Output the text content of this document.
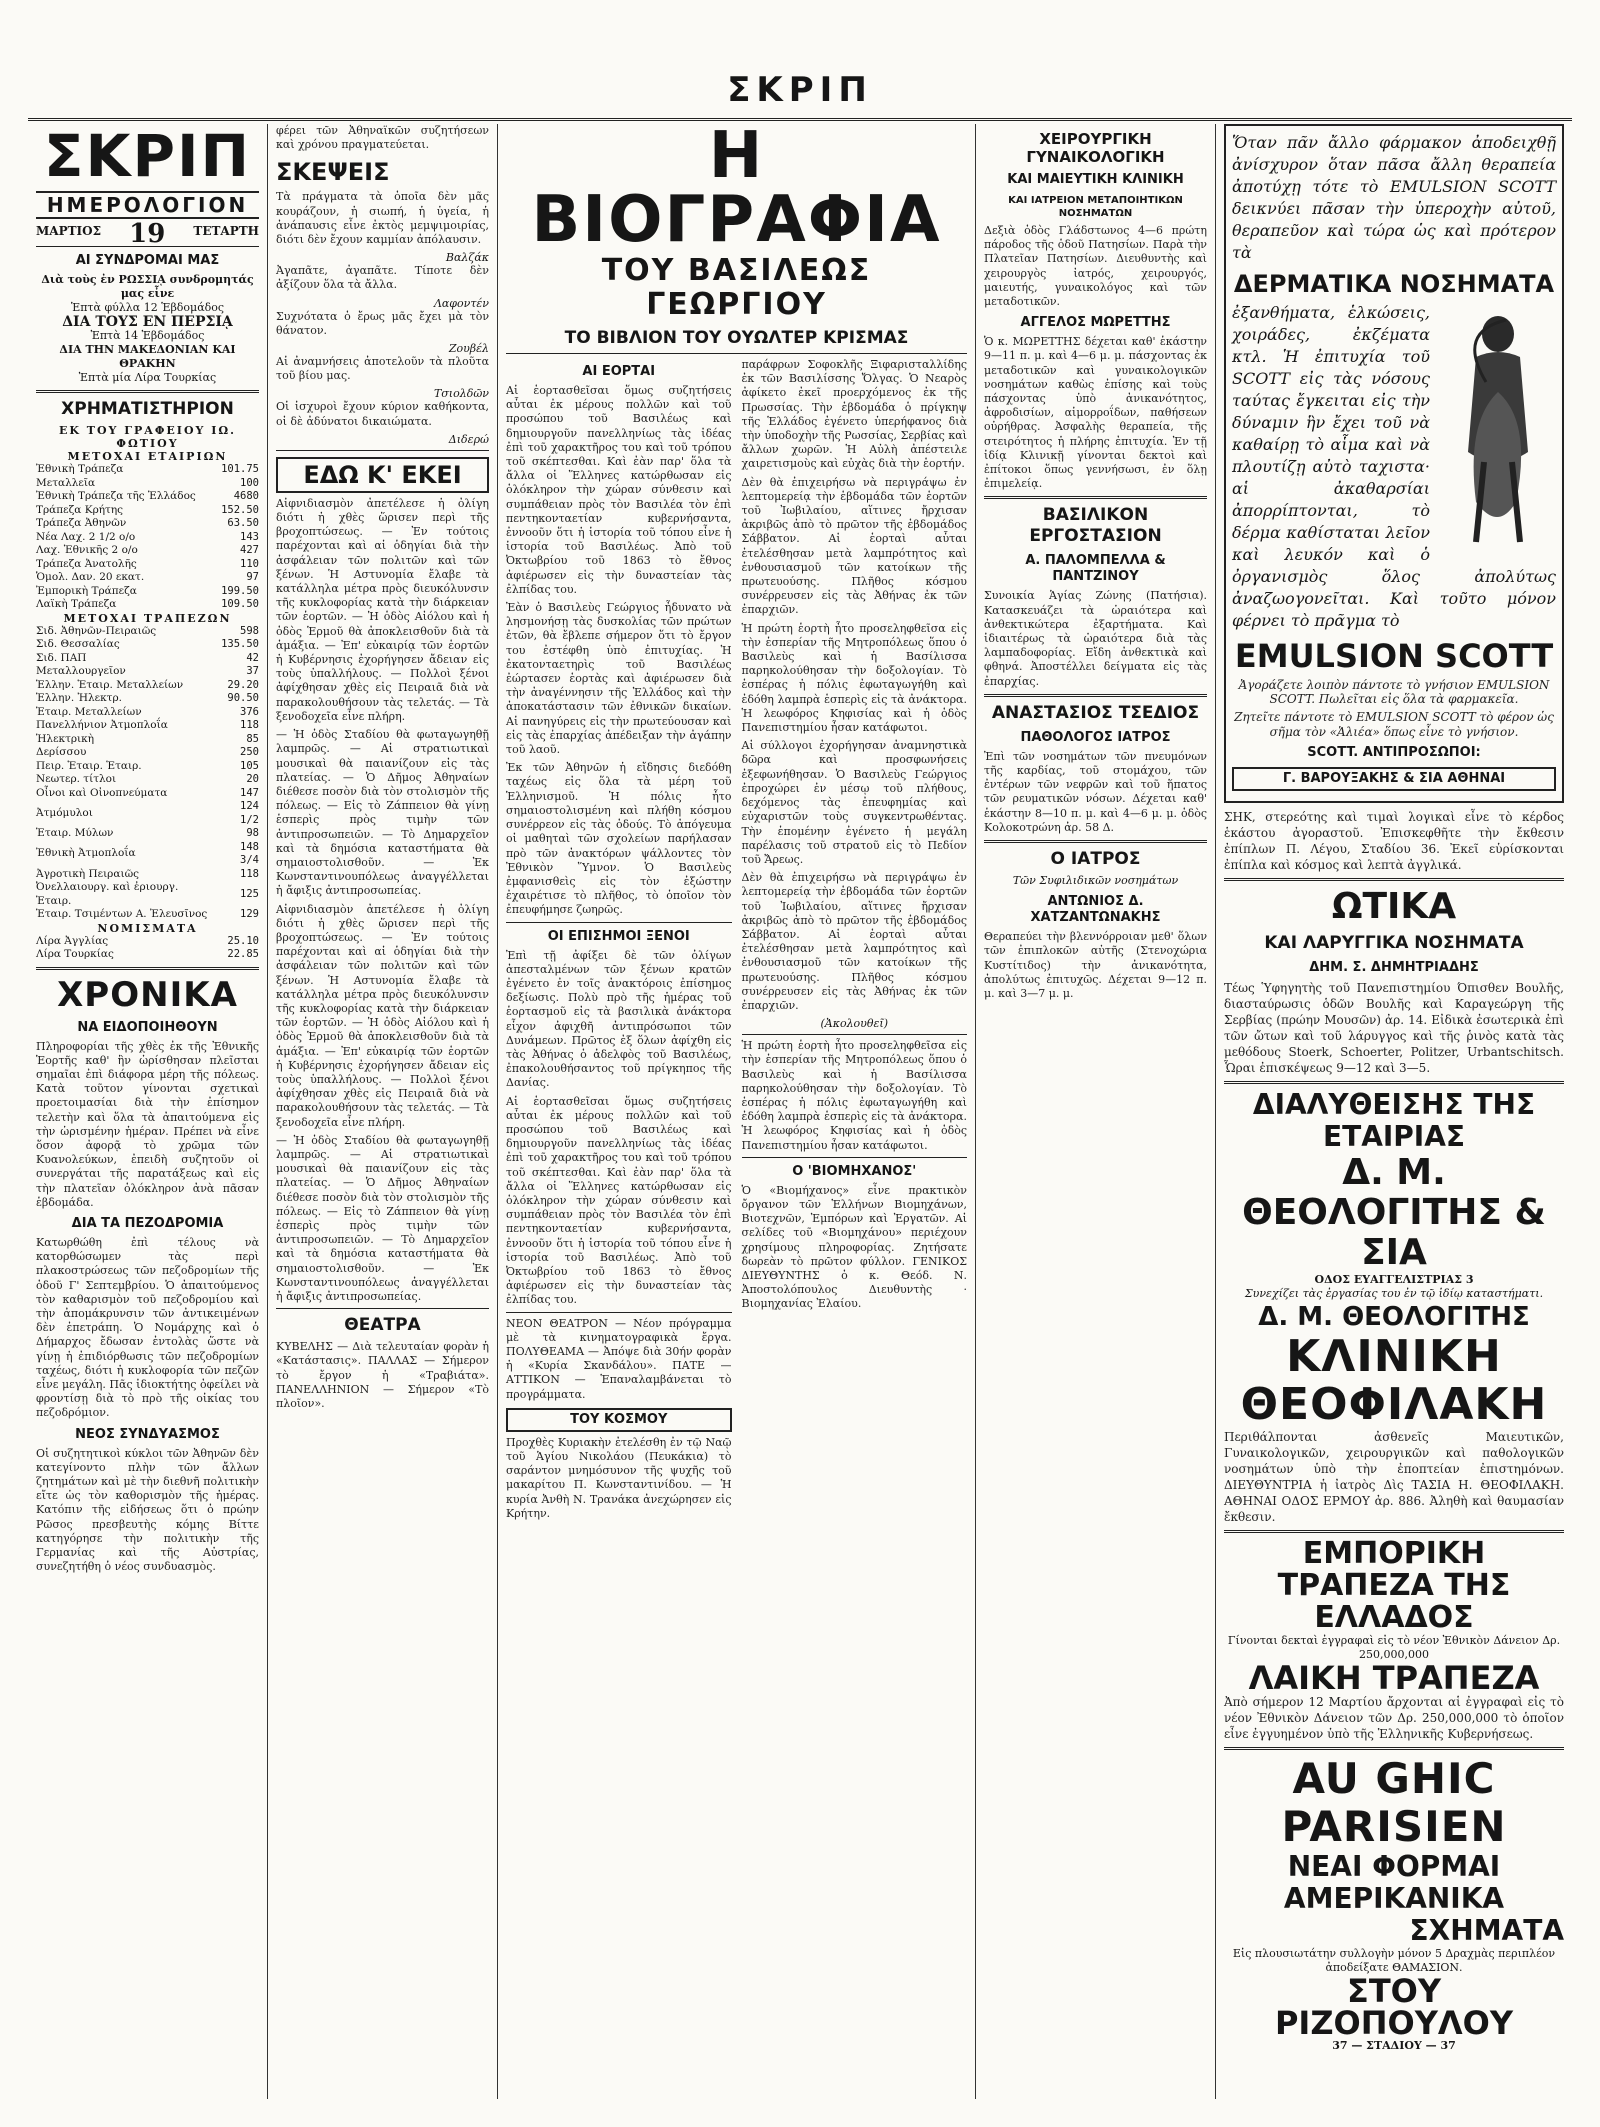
ΣΚΡΙΠ
ΣΚΡΙΠ
ΗΜΕΡΟΛΟΓΙΟΝ
ΜΑΡΤΙΟΣ 19 ΤΕΤΑΡΤΗ
ΑΙ ΣΥΝΔΡΟΜΑΙ ΜΑΣ
Διὰ τοὺς ἐν ΡΩΣΣΙᾼ συνδρομητάς μας εἶνε
Ἑπτὰ φύλλα 12 Ἑβδομάδος
ΔΙΑ ΤΟΥΣ ΕΝ ΠΕΡΣΙᾼ
Ἑπτὰ 14 Ἑβδομάδος
ΔΙΑ ΤΗΝ ΜΑΚΕΔΟΝΙΑΝ ΚΑΙ ΘΡΑΚΗΝ
Ἑπτὰ μία Λίρα Τουρκίας
ΧΡΗΜΑΤΙΣΤΗΡΙΟΝ
ΕΚ ΤΟΥ ΓΡΑΦΕΙΟΥ ΙΩ. ΦΩΤΙΟΥ
ΜΕΤΟΧΑΙ ΕΤΑΙΡΙΩΝ
Ἐθνικὴ Τράπεζα	101.75
Μεταλλεῖα	100
Ἐθνικὴ Τράπεζα τῆς Ἑλλάδος	4680
Τράπεζα Κρήτης	152.50
Τράπεζα Ἀθηνῶν	63.50
Νέα Λαχ. 2 1/2 ο/ο	143
Λαχ. Ἐθνικῆς 2 ο/ο	427
Τράπεζα Ἀνατολῆς	110
Ὁμολ. Δαν. 20 εκατ.	97
Ἐμπορικὴ Τράπεζα	199.50
Λαϊκὴ Τράπεζα	109.50
ΜΕΤΟΧΑΙ ΤΡΑΠΕΖΩΝ
Σιδ. Ἀθηνῶν-Πειραιῶς	598
Σιδ. Θεσσαλίας	135.50
Σιδ. ΠΑΠ	42
Μεταλλουργεῖον	37
Ἑλλην. Ἑταιρ. Μεταλλείων	29.20
Ἑλλην. Ἠλεκτρ.	90.50
Ἑταιρ. Μεταλλείων	376
Πανελλήνιον Ἀτμοπλοΐα	118
Ἡλεκτρικὴ	85
Δερίσσου	250
Πειρ. Ἑταιρ. Ἑταιρ.	105
Νεωτερ. τίτλοι	20
Οἶνοι καὶ Οἰνοπνεύματα	147
Ἀτμόμυλοι	124 1/2
Ἑταιρ. Μύλων	98
Ἐθνικὴ Ἀτμοπλοΐα	148 3/4
Ἀγροτικὴ Πειραιῶς	118
Ὀνελλαιουργ. καὶ ἐριουργ. Ἑταιρ.	125
Ἑταιρ. Τσιμέντων Α. Ἐλευσῖνος	129
ΝΟΜΙΣΜΑΤΑ
Λίρα Ἀγγλίας	25.10
Λίρα Τουρκίας	22.85
ΧΡΟΝΙΚΑ
ΝΑ ΕΙΔΟΠΟΙΗΘΟΥΝ
Πληροφορίαι τῆς χθὲς ἐκ τῆς Ἐθνικῆς Ἑορτῆς καθ' ἣν ὡρίσθησαν πλεῖσται σημαῖαι ἐπὶ διάφορα μέρη τῆς πόλεως. Κατὰ τοῦτον γίνονται σχετικαὶ προετοιμασίαι διὰ τὴν ἐπίσημον τελετὴν καὶ ὅλα τὰ ἀπαιτούμενα εἰς τὴν ὡρισμένην ἡμέραν. Πρέπει νὰ εἶνε ὅσον ἀφορᾷ τὸ χρῶμα τῶν Κυανολεύκων, ἐπειδὴ συζητοῦν οἱ συνεργάται τῆς παρατάξεως καὶ εἰς τὴν πλατεῖαν ὁλόκληρον ἀνὰ πᾶσαν ἑβδομάδα.
ΔΙΑ ΤΑ ΠΕΖΟΔΡΟΜΙΑ
Κατωρθώθη ἐπὶ τέλους νὰ κατορθώσωμεν τὰς περὶ πλακοστρώσεως τῶν πεζοδρομίων τῆς ὁδοῦ Γ' Σεπτεμβρίου. Ὁ ἀπαιτούμενος τὸν καθαρισμὸν τοῦ πεζοδρομίου καὶ τὴν ἀπομάκρυνσιν τῶν ἀντικειμένων δὲν ἐπετράπη. Ὁ Νομάρχης καὶ ὁ Δήμαρχος ἔδωσαν ἐντολὰς ὥστε νὰ γίνῃ ἡ ἐπιδιόρθωσις τῶν πεζοδρομίων ταχέως, διότι ἡ κυκλοφορία τῶν πεζῶν εἶνε μεγάλη. Πᾶς ἰδιοκτήτης ὀφείλει νὰ φροντίσῃ διὰ τὸ πρὸ τῆς οἰκίας του πεζοδρόμιον.
ΝΕΟΣ ΣΥΝΔΥΑΣΜΟΣ
Οἱ συζητητικοὶ κύκλοι τῶν Ἀθηνῶν δὲν κατεγίνοντο πλὴν τῶν ἄλλων ζητημάτων καὶ μὲ τὴν διεθνῆ πολιτικὴν εἴτε ὡς τὸν καθορισμὸν τῆς ἡμέρας. Κατόπιν τῆς εἰδήσεως ὅτι ὁ πρώην Ρῶσος πρεσβευτὴς κόμης Βίττε κατηγόρησε τὴν πολιτικὴν τῆς Γερμανίας καὶ τῆς Αὐστρίας, συνεζητήθη ὁ νέος συνδυασμὸς.
φέρει τῶν Ἀθηναϊκῶν συζητήσεων καὶ χρόνου πραγματεύεται.
ΣΚΕΨΕΙΣ
Τὰ πράγματα τὰ ὁποῖα δὲν μᾶς κουράζουν, ἡ σιωπή, ἡ ὑγεία, ἡ ἀνάπαυσις εἶνε ἐκτὸς μεμψιμοιρίας, διότι δὲν ἔχουν καμμίαν ἀπόλαυσιν.
Βαλζάκ
Ἀγαπᾶτε, ἀγαπᾶτε. Τίποτε δὲν ἀξίζουν ὅλα τὰ ἄλλα.
Λαφοντέν
Συχνότατα ὁ ἔρως μᾶς ἔχει μὰ τὸν θάνατον.
Ζουβέλ
Αἱ ἀναμνήσεις ἀποτελοῦν τὰ πλοῦτα τοῦ βίου μας.
Τσιολδῶν
Οἱ ἰσχυροὶ ἔχουν κύριον καθήκοντα, οἱ δὲ ἀδύνατοι δικαιώματα.
Διδερώ
ΕΔΩ Κ' ΕΚΕΙ
Αἰφνιδιασμὸν ἀπετέλεσε ἡ ὀλίγη διότι ἡ χθὲς ὥρισεν περὶ τῆς βροχοπτώσεως. — Ἐν τούτοις παρέχονται καὶ αἱ ὁδηγίαι διὰ τὴν ἀσφάλειαν τῶν πολιτῶν καὶ τῶν ξένων. Ἡ Αστυνομία ἔλαβε τὰ κατάλληλα μέτρα πρὸς διευκόλυνσιν τῆς κυκλοφορίας κατὰ τὴν διάρκειαν τῶν ἑορτῶν. — Ἡ ὁδὸς Αἰόλου καὶ ἡ ὁδὸς Ἑρμοῦ θὰ ἀποκλεισθοῦν διὰ τὰ ἁμάξια. — Ἐπ' εὐκαιρίᾳ τῶν ἑορτῶν ἡ Κυβέρνησις ἐχορήγησεν ἄδειαν εἰς τοὺς ὑπαλλήλους. — Πολλοὶ ξένοι ἀφίχθησαν χθὲς εἰς Πειραιᾶ διὰ νὰ παρακολουθήσουν τὰς τελετάς. — Τὰ ξενοδοχεῖα εἶνε πλήρη.
— Ἡ ὁδὸς Σταδίου θὰ φωταγωγηθῇ λαμπρῶς. — Αἱ στρατιωτικαὶ μουσικαὶ θὰ παιανίζουν εἰς τὰς πλατείας. — Ὁ Δῆμος Ἀθηναίων διέθεσε ποσὸν διὰ τὸν στολισμὸν τῆς πόλεως. — Εἰς τὸ Ζάππειον θὰ γίνῃ ἑσπερὶς πρὸς τιμὴν τῶν ἀντιπροσωπειῶν. — Τὸ Δημαρχεῖον καὶ τὰ δημόσια καταστήματα θὰ σημαιοστολισθοῦν. — Ἐκ Κωνσταντινουπόλεως ἀναγγέλλεται ἡ ἄφιξις ἀντιπροσωπείας.
Αἰφνιδιασμὸν ἀπετέλεσε ἡ ὀλίγη διότι ἡ χθὲς ὥρισεν περὶ τῆς βροχοπτώσεως. — Ἐν τούτοις παρέχονται καὶ αἱ ὁδηγίαι διὰ τὴν ἀσφάλειαν τῶν πολιτῶν καὶ τῶν ξένων. Ἡ Αστυνομία ἔλαβε τὰ κατάλληλα μέτρα πρὸς διευκόλυνσιν τῆς κυκλοφορίας κατὰ τὴν διάρκειαν τῶν ἑορτῶν. — Ἡ ὁδὸς Αἰόλου καὶ ἡ ὁδὸς Ἑρμοῦ θὰ ἀποκλεισθοῦν διὰ τὰ ἁμάξια. — Ἐπ' εὐκαιρίᾳ τῶν ἑορτῶν ἡ Κυβέρνησις ἐχορήγησεν ἄδειαν εἰς τοὺς ὑπαλλήλους. — Πολλοὶ ξένοι ἀφίχθησαν χθὲς εἰς Πειραιᾶ διὰ νὰ παρακολουθήσουν τὰς τελετάς. — Τὰ ξενοδοχεῖα εἶνε πλήρη.
— Ἡ ὁδὸς Σταδίου θὰ φωταγωγηθῇ λαμπρῶς. — Αἱ στρατιωτικαὶ μουσικαὶ θὰ παιανίζουν εἰς τὰς πλατείας. — Ὁ Δῆμος Ἀθηναίων διέθεσε ποσὸν διὰ τὸν στολισμὸν τῆς πόλεως. — Εἰς τὸ Ζάππειον θὰ γίνῃ ἑσπερὶς πρὸς τιμὴν τῶν ἀντιπροσωπειῶν. — Τὸ Δημαρχεῖον καὶ τὰ δημόσια καταστήματα θὰ σημαιοστολισθοῦν. — Ἐκ Κωνσταντινουπόλεως ἀναγγέλλεται ἡ ἄφιξις ἀντιπροσωπείας.
ΘΕΑΤΡΑ
ΚΥΒΕΛΗΣ — Διὰ τελευταίαν φορὰν ἡ «Κατάστασις». ΠΑΛΛΑΣ — Σήμερον τὸ ἔργον ἡ «Τραβιάτα». ΠΑΝΕΛΛΗΝΙΟΝ — Σήμερον «Τὸ πλοῖον».
Η ΒΙΟΓΡΑΦΙΑ
ΤΟΥ ΒΑΣΙΛΕΩΣ ΓΕΩΡΓΙΟΥ
ΤΟ ΒΙΒΛΙΟΝ ΤΟΥ ΟΥΩΛΤΕΡ ΚΡΙΣΜΑΣ
ΑΙ ΕΟΡΤΑΙ
Αἱ ἑορτασθεῖσαι ὅμως συζητήσεις αὗται ἐκ μέρους πολλῶν καὶ τοῦ προσώπου τοῦ Βασιλέως καὶ δημιουργοῦν πανελληνίως τὰς ἰδέας ἐπὶ τοῦ χαρακτῆρος του καὶ τοῦ τρόπου τοῦ σκέπτεσθαι. Καὶ ἐὰν παρ' ὅλα τὰ ἄλλα οἱ Ἕλληνες κατώρθωσαν εἰς ὁλόκληρον τὴν χώραν σύνθεσιν καὶ συμπάθειαν πρὸς τὸν Βασιλέα τὸν ἐπὶ πεντηκονταετίαν κυβερνήσαντα, ἐννοοῦν ὅτι ἡ ἱστορία τοῦ τόπου εἶνε ἡ ἱστορία τοῦ Βασιλέως. Ἀπὸ τοῦ Ὀκτωβρίου τοῦ 1863 τὸ ἔθνος ἀφιέρωσεν εἰς τὴν δυναστείαν τὰς ἐλπίδας του.
Ἐὰν ὁ Βασιλεὺς Γεώργιος ἦδυνατο νὰ λησμονήσῃ τὰς δυσκολίας τῶν πρώτων ἐτῶν, θὰ ἔβλεπε σήμερον ὅτι τὸ ἔργον του ἐστέφθη ὑπὸ ἐπιτυχίας. Ἡ ἐκατονταετηρὶς τοῦ Βασιλέως ἐώρτασεν ἑορτὰς καὶ ἀφιέρωσεν διὰ τὴν ἀναγέννησιν τῆς Ἑλλάδος καὶ τὴν ἀποκατάστασιν τῶν ἐθνικῶν δικαίων. Αἱ πανηγύρεις εἰς τὴν πρωτεύουσαν καὶ εἰς τὰς ἐπαρχίας ἀπέδειξαν τὴν ἀγάπην τοῦ λαοῦ.
Ἐκ τῶν Ἀθηνῶν ἡ εἴδησις διεδόθη ταχέως εἰς ὅλα τὰ μέρη τοῦ Ἑλληνισμοῦ. Ἡ πόλις ἦτο σημαιοστολισμένη καὶ πλήθη κόσμου συνέρρεον εἰς τὰς ὁδούς. Τὸ ἀπόγευμα οἱ μαθηταὶ τῶν σχολείων παρήλασαν πρὸ τῶν ἀνακτόρων ψάλλοντες τὸν Ἐθνικὸν Ὕμνον. Ὁ Βασιλεὺς ἐμφανισθεὶς εἰς τὸν ἐξώστην ἐχαιρέτισε τὸ πλῆθος, τὸ ὁποῖον τὸν ἐπευφήμησε ζωηρῶς.
ΟΙ ΕΠΙΣΗΜΟΙ ΞΕΝΟΙ
Ἐπὶ τῇ ἀφίξει δὲ τῶν ὀλίγων ἀπεσταλμένων τῶν ξένων κρατῶν ἐγένετο ἐν τοῖς ἀνακτόροις ἐπίσημος δεξίωσις. Πολὺ πρὸ τῆς ἡμέρας τοῦ ἑορτασμοῦ εἰς τὰ βασιλικὰ ἀνάκτορα εἶχον ἀφιχθῆ ἀντιπρόσωποι τῶν Δυνάμεων. Πρῶτος ἐξ ὅλων ἀφίχθη εἰς τὰς Ἀθήνας ὁ ἀδελφὸς τοῦ Βασιλέως, ἐπακολουθήσαντος τοῦ πρίγκηπος τῆς Δανίας.
Αἱ ἑορτασθεῖσαι ὅμως συζητήσεις αὗται ἐκ μέρους πολλῶν καὶ τοῦ προσώπου τοῦ Βασιλέως καὶ δημιουργοῦν πανελληνίως τὰς ἰδέας ἐπὶ τοῦ χαρακτῆρος του καὶ τοῦ τρόπου τοῦ σκέπτεσθαι. Καὶ ἐὰν παρ' ὅλα τὰ ἄλλα οἱ Ἕλληνες κατώρθωσαν εἰς ὁλόκληρον τὴν χώραν σύνθεσιν καὶ συμπάθειαν πρὸς τὸν Βασιλέα τὸν ἐπὶ πεντηκονταετίαν κυβερνήσαντα, ἐννοοῦν ὅτι ἡ ἱστορία τοῦ τόπου εἶνε ἡ ἱστορία τοῦ Βασιλέως. Ἀπὸ τοῦ Ὀκτωβρίου τοῦ 1863 τὸ ἔθνος ἀφιέρωσεν εἰς τὴν δυναστείαν τὰς ἐλπίδας του.
ΝΕΟΝ ΘΕΑΤΡΟΝ — Νέον πρόγραμμα μὲ τὰ κινηματογραφικὰ ἔργα. ΠΟΛΥΘΕΑΜΑ — Ἀπόψε διὰ 30ήν φορὰν ἡ «Κυρία Σκανδάλου». ΠΑΤΕ — ΑΤΤΙΚΟΝ — Ἑπαναλαμβάνεται τὸ προγράμματα.
ΤΟΥ ΚΟΣΜΟΥ
Προχθὲς Κυριακὴν ἐτελέσθη ἐν τῷ Ναῷ τοῦ Ἁγίου Νικολάου (Πευκάκια) τὸ σαράντον μνημόσυνον τῆς ψυχῆς τοῦ μακαρίτου Π. Κωνσταντινίδου. — Ἡ κυρία Ἀνθὴ Ν. Τρανάκα ἀνεχώρησεν εἰς Κρήτην.
παράφρων Σοφοκλῆς Ξιφαρισταλλίδης ἐκ τῶν Βασιλίσσης Ὄλγας. Ὁ Νεαρὸς ἀφίκετο ἐκεῖ προερχόμενος ἐκ τῆς Πρωσσίας. Τὴν ἑβδομάδα ὁ πρίγκηψ τῆς Ἑλλάδος ἐγένετο ὑπερήφανος διὰ τὴν ὑποδοχὴν τῆς Ρωσσίας, Σερβίας καὶ ἄλλων χωρῶν. Ἡ Αὐλὴ ἀπέστειλε χαιρετισμοὺς καὶ εὐχὰς διὰ τὴν ἑορτήν.
Δὲν θὰ ἐπιχειρήσω νὰ περιγράψω ἐν λεπτομερείᾳ τὴν ἑβδομάδα τῶν ἑορτῶν τοῦ Ἰωβιλαίου, αἵτινες ἤρχισαν ἀκριβῶς ἀπὸ τὸ πρῶτον τῆς ἑβδομάδος Σάββατον. Αἱ ἑορταὶ αὗται ἐτελέσθησαν μετὰ λαμπρότητος καὶ ἐνθουσιασμοῦ τῶν κατοίκων τῆς πρωτευούσης. Πλῆθος κόσμου συνέρρευσεν εἰς τὰς Ἀθήνας ἐκ τῶν ἐπαρχιῶν.
Ἡ πρώτη ἑορτὴ ἦτο προσεληφθεῖσα εἰς τὴν ἑσπερίαν τῆς Μητροπόλεως ὅπου ὁ Βασιλεὺς καὶ ἡ Βασίλισσα παρηκολούθησαν τὴν δοξολογίαν. Τὸ ἑσπέρας ἡ πόλις ἐφωταγωγήθη καὶ ἐδόθη λαμπρὰ ἑσπερὶς εἰς τὰ ἀνάκτορα. Ἡ λεωφόρος Κηφισίας καὶ ἡ ὁδὸς Πανεπιστημίου ἦσαν κατάφωτοι.
Αἱ σύλλογοι ἐχορήγησαν ἀναμνηστικὰ δῶρα καὶ προσφωνήσεις ἐξεφωνήθησαν. Ὁ Βασιλεὺς Γεώργιος ἐπροχώρει ἐν μέσῳ τοῦ πλήθους, δεχόμενος τὰς ἐπευφημίας καὶ εὐχαριστῶν τοὺς συγκεντρωθέντας. Τὴν ἑπομένην ἐγένετο ἡ μεγάλη παρέλασις τοῦ στρατοῦ εἰς τὸ Πεδίον τοῦ Ἄρεως.
Δὲν θὰ ἐπιχειρήσω νὰ περιγράψω ἐν λεπτομερείᾳ τὴν ἑβδομάδα τῶν ἑορτῶν τοῦ Ἰωβιλαίου, αἵτινες ἤρχισαν ἀκριβῶς ἀπὸ τὸ πρῶτον τῆς ἑβδομάδος Σάββατον. Αἱ ἑορταὶ αὗται ἐτελέσθησαν μετὰ λαμπρότητος καὶ ἐνθουσιασμοῦ τῶν κατοίκων τῆς πρωτευούσης. Πλῆθος κόσμου συνέρρευσεν εἰς τὰς Ἀθήνας ἐκ τῶν ἐπαρχιῶν.
(Ἀκολουθεῖ)
Ἡ πρώτη ἑορτὴ ἦτο προσεληφθεῖσα εἰς τὴν ἑσπερίαν τῆς Μητροπόλεως ὅπου ὁ Βασιλεὺς καὶ ἡ Βασίλισσα παρηκολούθησαν τὴν δοξολογίαν. Τὸ ἑσπέρας ἡ πόλις ἐφωταγωγήθη καὶ ἐδόθη λαμπρὰ ἑσπερὶς εἰς τὰ ἀνάκτορα. Ἡ λεωφόρος Κηφισίας καὶ ἡ ὁδὸς Πανεπιστημίου ἦσαν κατάφωτοι.
Ο 'ΒΙΟΜΗΧΑΝΟΣ'
Ὁ «Βιομήχανος» εἶνε πρακτικὸν ὄργανον τῶν Ἑλλήνων Βιομηχάνων, Βιοτεχνῶν, Ἐμπόρων καὶ Ἐργατῶν. Αἱ σελίδες τοῦ «Βιομηχάνου» περιέχουν χρησίμους πληροφορίας. Ζητήσατε δωρεὰν τὸ πρῶτον φύλλον. ΓΕΝΙΚΟΣ ΔΙΕΥΘΥΝΤΗΣ ὁ κ. Θεόδ. Ν. Ἀποστολόπουλος Διευθυντὴς · Βιομηχανίας Ἐλαίου.
ΧΕΙΡΟΥΡΓΙΚΗ ΓΥΝΑΙΚΟΛΟΓΙΚΗ
ΚΑΙ ΜΑΙΕΥΤΙΚΗ ΚΛΙΝΙΚΗ
ΚΑΙ ΙΑΤΡΕΙΟΝ ΜΕΤΑΠΟΙΗΤΙΚΩΝ ΝΟΣΗΜΑΤΩΝ
Δεξιὰ ὁδὸς Γλάδστωνος 4—6 πρώτη πάροδος τῆς ὁδοῦ Πατησίων. Παρὰ τὴν Πλατεῖαν Πατησίων. Διευθυντὴς καὶ χειρουργὸς ἰατρός, χειρουργός, μαιευτής, γυναικολόγος καὶ τῶν μεταδοτικῶν.
ΑΓΓΕΛΟΣ ΜΩΡΕΤΤΗΣ
Ὁ κ. ΜΩΡΕΤΤΗΣ δέχεται καθ' ἑκάστην 9—11 π. μ. καὶ 4—6 μ. μ. πάσχοντας ἐκ μεταδοτικῶν καὶ γυναικολογικῶν νοσημάτων καθὼς ἐπίσης καὶ τοὺς πάσχοντας ὑπὸ ἀνικανότητος, ἀφροδισίων, αἱμορροΐδων, παθήσεων οὐρήθρας. Ἀσφαλὴς θεραπεία, τῆς στειρότητος ἡ πλήρης ἐπιτυχία. Ἐν τῇ ἰδίᾳ Κλινικῇ γίνονται δεκτοὶ καὶ ἐπίτοκοι ὅπως γεννήσωσι, ἐν ὅλῃ ἐπιμελείᾳ.
ΒΑΣΙΛΙΚΟΝ ΕΡΓΟΣΤΑΣΙΟΝ
Α. ΠΑΛΟΜΠΕΛΛΑ & ΠΑΝΤΖΙΝΟΥ
Συνοικία Ἁγίας Ζώνης (Πατήσια). Κατασκευάζει τὰ ὡραιότερα καὶ ἀνθεκτικώτερα ἐξαρτήματα. Καὶ ἰδιαιτέρως τὰ ὡραιότερα διὰ τὰς λαμπαδοφορίας. Εἴδη ἀνθεκτικὰ καὶ φθηνά. Ἀποστέλλει δείγματα εἰς τὰς ἐπαρχίας.
ΑΝΑΣΤΑΣΙΟΣ ΤΣΕΔΙΟΣ
ΠΑΘΟΛΟΓΟΣ ΙΑΤΡΟΣ
Ἐπὶ τῶν νοσημάτων τῶν πνευμόνων τῆς καρδίας, τοῦ στομάχου, τῶν ἐντέρων τῶν νεφρῶν καὶ τοῦ ἥπατος τῶν ρευματικῶν νόσων. Δέχεται καθ' ἑκάστην 8—10 π. μ. καὶ 4—6 μ. μ. ὁδὸς Κολοκοτρώνη ἀρ. 58 Δ.
Ο ΙΑΤΡΟΣ
Τῶν Συφιλιδικῶν νοσημάτων
ΑΝΤΩΝΙΟΣ Δ. ΧΑΤΖΑΝΤΩΝΑΚΗΣ
Θεραπεύει τὴν βλεννόρροιαν μεθ' ὅλων τῶν ἐπιπλοκῶν αὐτῆς (Στενοχώρια Κυστίτιδος) τὴν ἀνικανότητα, ἀπολύτως ἐπιτυχῶς. Δέχεται 9—12 π. μ. καὶ 3—7 μ. μ.
Ὅταν πᾶν ἄλλο φάρμακον ἀποδειχθῇ ἀνίσχυρον ὅταν πᾶσα ἄλλη θεραπεία ἀποτύχῃ τότε τὸ EMULSION SCOTT δεικνύει πᾶσαν τὴν ὑπεροχὴν αὐτοῦ, θεραπεῦον καὶ τώρα ὡς καὶ πρότερον τὰ
ΔΕΡΜΑΤΙΚΑ ΝΟΣΗΜΑΤΑ
ἐξανθήματα, ἑλκώσεις, χοιράδες, ἐκζέματα κτλ. Ἡ ἐπιτυχία τοῦ SCOTT εἰς τὰς νόσους ταύτας ἔγκειται εἰς τὴν δύναμιν ἣν ἔχει τοῦ νὰ καθαίρῃ τὸ αἷμα καὶ νὰ πλουτίζῃ αὐτὸ ταχιστα· αἱ ἀκαθαρσίαι ἀπορρίπτονται, τὸ δέρμα καθίσταται λεῖον καὶ λευκόν καὶ ὁ ὀργανισμὸς ὅλος ἀπολύτως ἀναζωογονεῖται. Καὶ τοῦτο μόνον φέρνει τὸ πρᾶγμα τὸ
EMULSION SCOTT
Ἀγοράζετε λοιπὸν πάντοτε τὸ γνήσιον EMULSION SCOTT. Πωλεῖται εἰς ὅλα τὰ φαρμακεῖα.
Ζητεῖτε πάντοτε τὸ EMULSION SCOTT τὸ φέρον ὡς σῆμα τὸν «Ἁλιέα» ὅπως εἶνε τὸ γνήσιον.
SCOTT. ΑΝΤΙΠΡΟΣΩΠΟΙ:
Γ. ΒΑΡΟΥΞΑΚΗΣ & ΣΙΑ ΑΘΗΝΑΙ
ΣΗΚ, στερεότης καὶ τιμαὶ λογικαὶ εἶνε τὸ κέρδος ἑκάστου ἀγοραστοῦ. Ἐπισκεφθῆτε τὴν ἔκθεσιν ἐπίπλων Π. Λέγου, Σταδίου 36. Ἐκεῖ εὑρίσκονται ἐπίπλα καὶ κόσμος καὶ λεπτὰ ἀγγλικά.
ΩΤΙΚΑ
ΚΑΙ ΛΑΡΥΓΓΙΚΑ ΝΟΣΗΜΑΤΑ
ΔΗΜ. Σ. ΔΗΜΗΤΡΙΑΔΗΣ
Τέως Ὑφηγητὴς τοῦ Πανεπιστημίου Όπισθεν Βουλῆς, διασταύρωσις ὁδῶν Βουλῆς καὶ Καραγεώργη τῆς Σερβίας (πρώην Μουσῶν) ἀρ. 14. Εἰδικὰ ἐσωτερικὰ ἐπὶ τῶν ὤτων καὶ τοῦ λάρυγγος καὶ τῆς ῥινὸς κατὰ τὰς μεθόδους Stoerk, Schoerter, Politzer, Urbantschitsch. Ὧραι ἐπισκέψεως 9—12 καὶ 3—5.
ΔΙΑΛΥΘΕΙΣΗΣ ΤΗΣ ΕΤΑΙΡΙΑΣ
Δ. Μ. ΘΕΟΛΟΓΙΤΗΣ & ΣΙΑ
ΟΔΟΣ ΕΥΑΓΓΕΛΙΣΤΡΙΑΣ 3
Συνεχίζει τὰς ἐργασίας του ἐν τῷ ἰδίῳ καταστήματι.
Δ. Μ. ΘΕΟΛΟΓΙΤΗΣ
ΚΛΙΝΙΚΗ ΘΕΟΦΙΛΑΚΗ
Περιθάλπονται ἀσθενεῖς Μαιευτικῶν, Γυναικολογικῶν, χειρουργικῶν καὶ παθολογικῶν νοσημάτων ὑπὸ τὴν ἐποπτείαν ἐπιστημόνων. ΔΙΕΥΘΥΝΤΡΙΑ ἡ ἰατρὸς Δὶς ΤΑΣΙΑ Η. ΘΕΟΦΙΛΑΚΗ. ΑΘΗΝΑΙ ΟΔΟΣ ΕΡΜΟΥ ἀρ. 886. Ἀληθὴ καὶ θαυμασίαν ἔκθεσιν.
ΕΜΠΟΡΙΚΗ ΤΡΑΠΕΖΑ ΤΗΣ ΕΛΛΑΔΟΣ
Γίνονται δεκταὶ ἐγγραφαὶ εἰς τὸ νέον Ἐθνικὸν Δάνειον Δρ. 250,000,000
ΛΑΙΚΗ ΤΡΑΠΕΖΑ
Ἀπὸ σήμερον 12 Μαρτίου ἄρχονται αἱ ἐγγραφαὶ εἰς τὸ νέον Ἐθνικὸν Δάνειον τῶν Δρ. 250,000,000 τὸ ὁποῖον εἶνε ἐγγυημένον ὑπὸ τῆς Ἑλληνικῆς Κυβερνήσεως.
AU GHIC PARISIEN
ΝΕΑΙ ΦΟΡΜΑΙ
ΑΜΕΡΙΚΑΝΙΚΑ
ΣΧΗΜΑΤΑ
Εἰς πλουσιωτάτην συλλογὴν μόνον 5 Δραχμὰς περιπλέον ἀποδείξατε ΘΑΜΑΣΙΟΝ.
ΣΤΟΥ ΡΙΖΟΠΟΥΛΟΥ
37 — ΣΤΑΔΙΟΥ — 37
